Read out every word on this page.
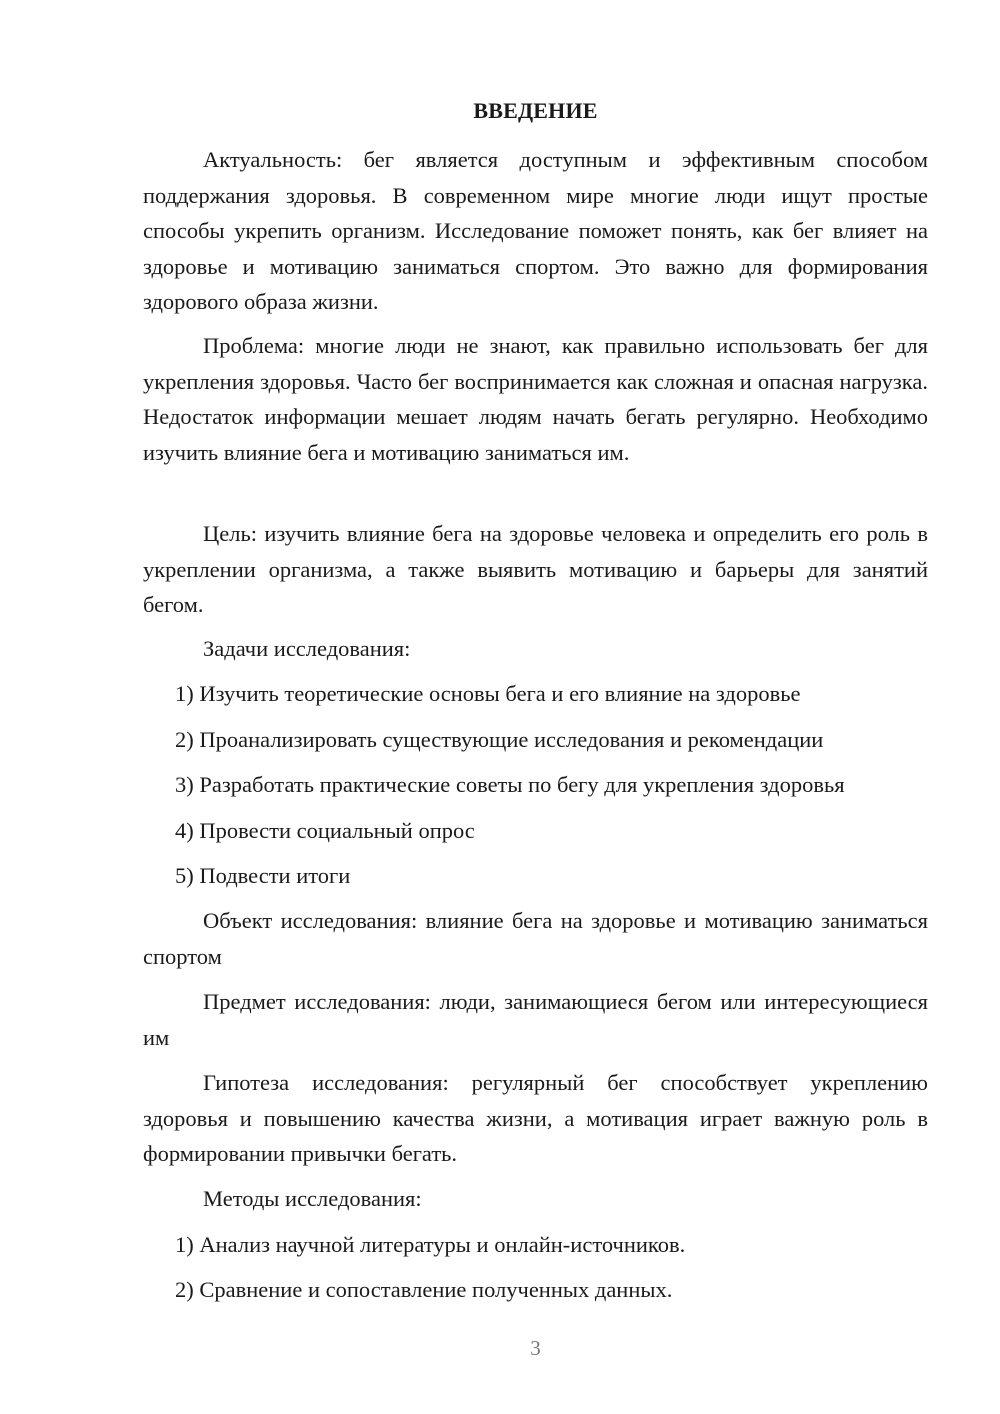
ВВЕДЕНИЕ

Актуальность: бег является доступным и эффективным способом поддержания здоровья. В современном мире многие люди ищут простые способы укрепить организм. Исследование поможет понять, как бег влияет на здоровье и мотивацию заниматься спортом. Это важно для формирования здорового образа жизни.

Проблема: многие люди не знают, как правильно использовать бег для укрепления здоровья. Часто бег воспринимается как сложная и опасная нагрузка. Недостаток информации мешает людям начать бегать регулярно. Необходимо изучить влияние бега и мотивацию заниматься им.

Цель: изучить влияние бега на здоровье человека и определить его роль в укреплении организма, а также выявить мотивацию и барьеры для занятий бегом.

Задачи исследования:

1) Изучить теоретические основы бега и его влияние на здоровье

2) Проанализировать существующие исследования и рекомендации

3) Разработать практические советы по бегу для укрепления здоровья

4) Провести социальный опрос

5) Подвести итоги

Объект исследования: влияние бега на здоровье и мотивацию заниматься спортом

Предмет исследования: люди, занимающиеся бегом или интересующиеся им

Гипотеза исследования: регулярный бег способствует укреплению здоровья и повышению качества жизни, а мотивация играет важную роль в формировании привычки бегать.

Методы исследования:

1) Анализ научной литературы и онлайн-источников.

2) Сравнение и сопоставление полученных данных.

3
